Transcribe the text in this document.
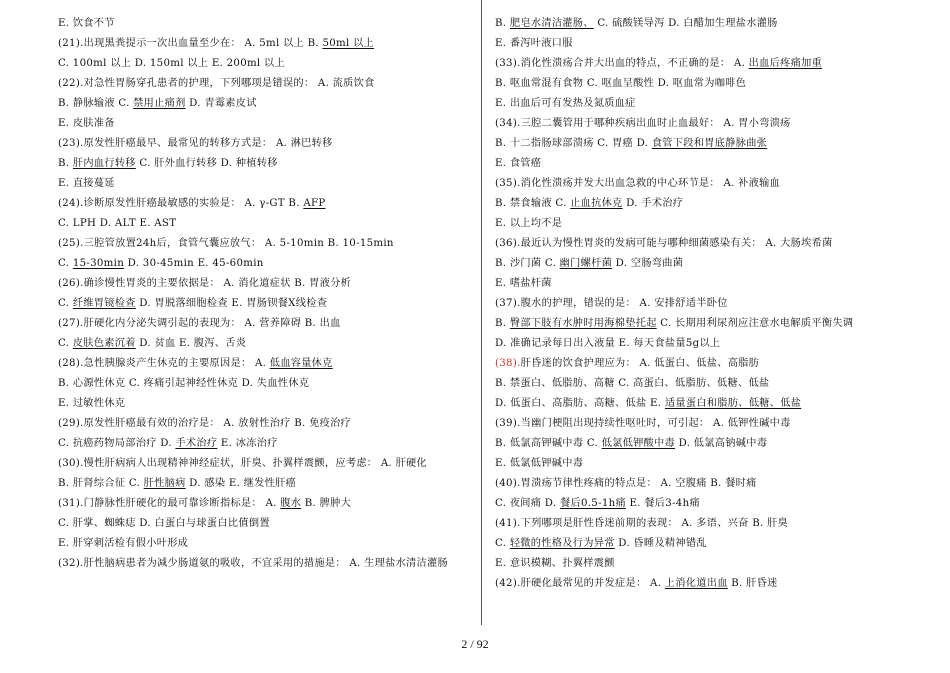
E. 饮食不节
(21).出现黑粪提示一次出血量至少在： A. 5ml 以上 B. 50ml 以上
C. 100ml 以上 D. 150ml 以上 E. 200ml 以上
(22).对急性胃肠穿孔患者的护理，下列哪项是错误的： A. 流质饮食
B. 静脉输液 C. 禁用止痛剂 D. 青霉素皮试
E. 皮肤准备
(23).原发性肝癌最早、最常见的转移方式是： A. 淋巴转移
B. 肝内血行转移 C. 肝外血行转移 D. 种植转移
E. 直接蔓延
(24).诊断原发性肝癌最敏感的实验是： A. γ-GT B. AFP
C. LPH D. ALT E. AST
(25).三腔管放置24h后，食管气囊应放气： A. 5-10min B. 10-15min
C. 15-30min D. 30-45min E. 45-60min
(26).确诊慢性胃炎的主要依据是： A. 消化道症状 B. 胃液分析
C. 纤维胃镜检查 D. 胃脱落细胞检查 E. 胃肠钡餐X线检查
(27).肝硬化内分泌失调引起的表现为： A. 营养障碍 B. 出血
C. 皮肤色素沉着 D. 贫血 E. 腹泻、舌炎
(28).急性胰腺炎产生休克的主要原因是： A. 低血容量休克
B. 心源性休克 C. 疼痛引起神经性休克 D. 失血性休克
E. 过敏性休克
(29).原发性肝癌最有效的治疗是： A. 放射性治疗 B. 免疫治疗
C. 抗癌药物局部治疗 D. 手术治疗 E. 冰冻治疗
(30).慢性肝病病人出现精神神经症状，肝臭、扑翼样震颤，应考虑： A. 肝硬化
B. 肝肾综合征 C. 肝性脑病 D. 感染 E. 继发性肝癌
(31).门静脉性肝硬化的最可靠诊断指标是： A. 腹水 B. 脾肿大
C. 肝掌、蜘蛛痣 D. 白蛋白与球蛋白比值倒置
E. 肝穿刺活检有假小叶形成
(32).肝性脑病患者为减少肠道氨的吸收，不宜采用的措施是： A. 生理盐水清洁灌肠
B. 肥皂水清洁灌肠、 C. 硫酸镁导泻 D. 白醋加生理盐水灌肠
E. 番泻叶液口服
(33).消化性溃疡合并大出血的特点，不正确的是： A. 出血后疼痛加重
B. 呕血常混有食物 C. 呕血呈酸性 D. 呕血常为咖啡色
E. 出血后可有发热及氮质血症
(34).三腔二囊管用于哪种疾病出血时止血最好： A. 胃小弯溃疡
B. 十二指肠球部溃疡 C. 胃癌 D. 食管下段和胃底静脉曲张
E. 食管癌
(35).消化性溃疡并发大出血急救的中心环节是： A. 补液输血
B. 禁食输液 C. 止血抗休克 D. 手术治疗
E. 以上均不是
(36).最近认为慢性胃炎的发病可能与哪种细菌感染有关： A. 大肠埃希菌
B. 沙门菌 C. 幽门螺杆菌 D. 空肠弯曲菌
E. 嗜盐杆菌
(37).腹水的护理，错误的是： A. 安排舒适半卧位
B. 臀部下肢有水肿时用海棉垫托起 C. 长期用利尿剂应注意水电解质平衡失调
D. 准确记录每日出入液量 E. 每天食盐量5g以上
(38).肝昏迷的饮食护理应为： A. 低蛋白、低盐、高脂肪
B. 禁蛋白、低脂肪、高糖 C. 高蛋白、低脂肪、低糖、低盐
D. 低蛋白、高脂肪、高糖、低盐 E. 适量蛋白和脂肪、低糖、低盐
(39).当幽门梗阻出现持续性呕吐时，可引起： A. 低钾性碱中毒
B. 低氯高钾碱中毒 C. 低氯低钾酸中毒 D. 低氯高钠碱中毒
E. 低氯低钾碱中毒
(40).胃溃疡节律性疼痛的特点是： A. 空腹痛 B. 餐时痛
C. 夜间痛 D. 餐后0.5-1h痛 E. 餐后3-4h痛
(41).下列哪项是肝性昏迷前期的表现： A. 多语、兴奋 B. 肝臭
C. 轻微的性格及行为异常 D. 昏睡及精神错乱
E. 意识模糊、扑翼样震颤
(42).肝硬化最常见的并发症是： A. 上消化道出血 B. 肝昏迷
2 / 92
